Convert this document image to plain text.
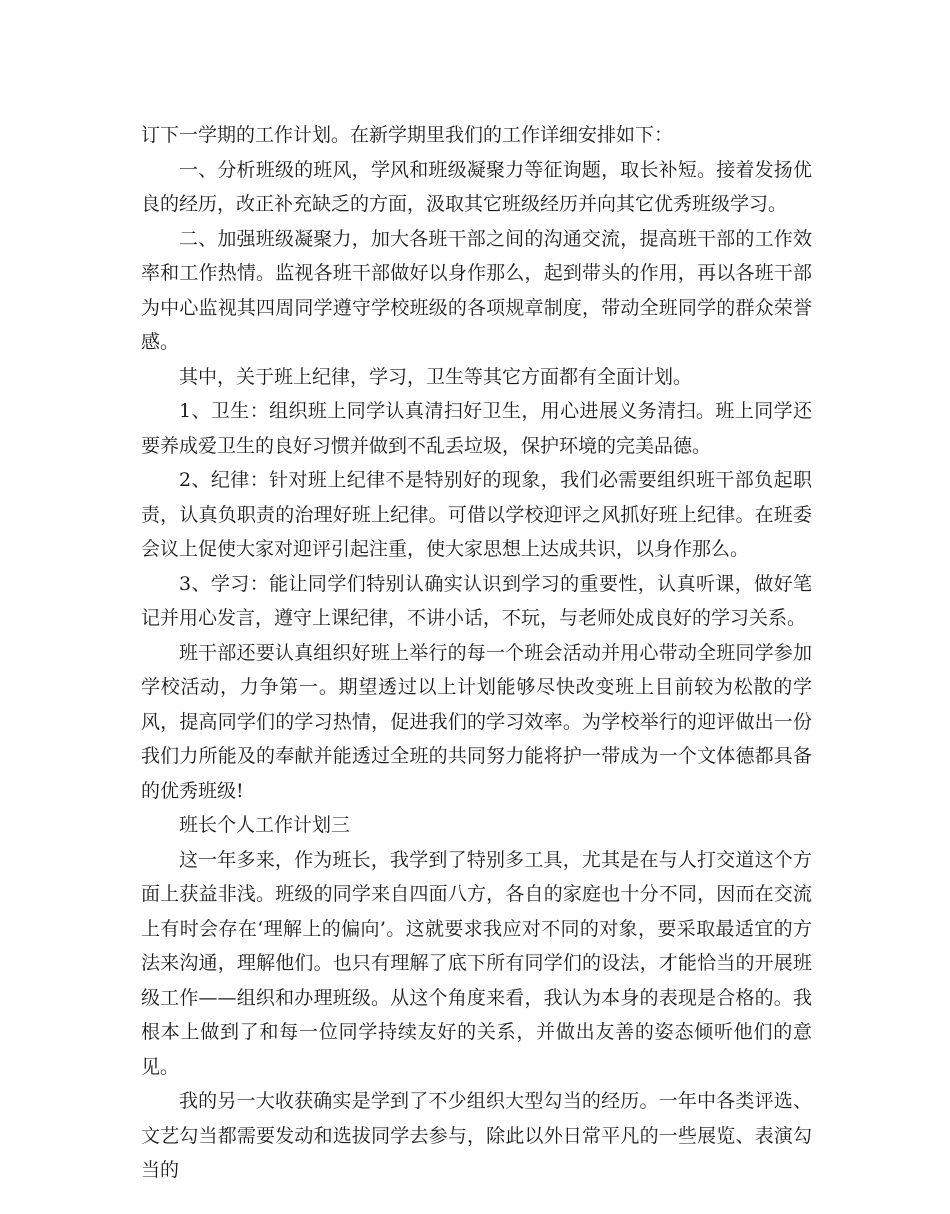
订下一学期的工作计划。在新学期里我们的工作详细安排如下：

一、分析班级的班风，学风和班级凝聚力等征询题，取长补短。接着发扬优良的经历，改正补充缺乏的方面，汲取其它班级经历并向其它优秀班级学习。

二、加强班级凝聚力，加大各班干部之间的沟通交流，提高班干部的工作效率和工作热情。监视各班干部做好以身作那么，起到带头的作用，再以各班干部为中心监视其四周同学遵守学校班级的各项规章制度，带动全班同学的群众荣誉感。

其中，关于班上纪律，学习，卫生等其它方面都有全面计划。

1、卫生：组织班上同学认真清扫好卫生，用心进展义务清扫。班上同学还要养成爱卫生的良好习惯并做到不乱丢垃圾，保护环境的完美品德。

2、纪律：针对班上纪律不是特别好的现象，我们必需要组织班干部负起职责，认真负职责的治理好班上纪律。可借以学校迎评之风抓好班上纪律。在班委会议上促使大家对迎评引起注重，使大家思想上达成共识，以身作那么。

3、学习：能让同学们特别认确实认识到学习的重要性，认真听课，做好笔记并用心发言，遵守上课纪律，不讲小话，不玩，与老师处成良好的学习关系。

班干部还要认真组织好班上举行的每一个班会活动并用心带动全班同学参加学校活动，力争第一。期望透过以上计划能够尽快改变班上目前较为松散的学风，提高同学们的学习热情，促进我们的学习效率。为学校举行的迎评做出一份我们力所能及的奉献并能透过全班的共同努力能将护一带成为一个文体德都具备的优秀班级!

班长个人工作计划三

这一年多来，作为班长，我学到了特别多工具，尤其是在与人打交道这个方面上获益非浅。班级的同学来自四面八方，各自的家庭也十分不同，因而在交流上有时会存在‘理解上的偏向’。这就要求我应对不同的对象，要采取最适宜的方法来沟通，理解他们。也只有理解了底下所有同学们的设法，才能恰当的开展班级工作——组织和办理班级。从这个角度来看，我认为本身的表现是合格的。我根本上做到了和每一位同学持续友好的关系，并做出友善的姿态倾听他们的意见。

我的另一大收获确实是学到了不少组织大型勾当的经历。一年中各类评选、文艺勾当都需要发动和选拔同学去参与，除此以外日常平凡的一些展览、表演勾当的
